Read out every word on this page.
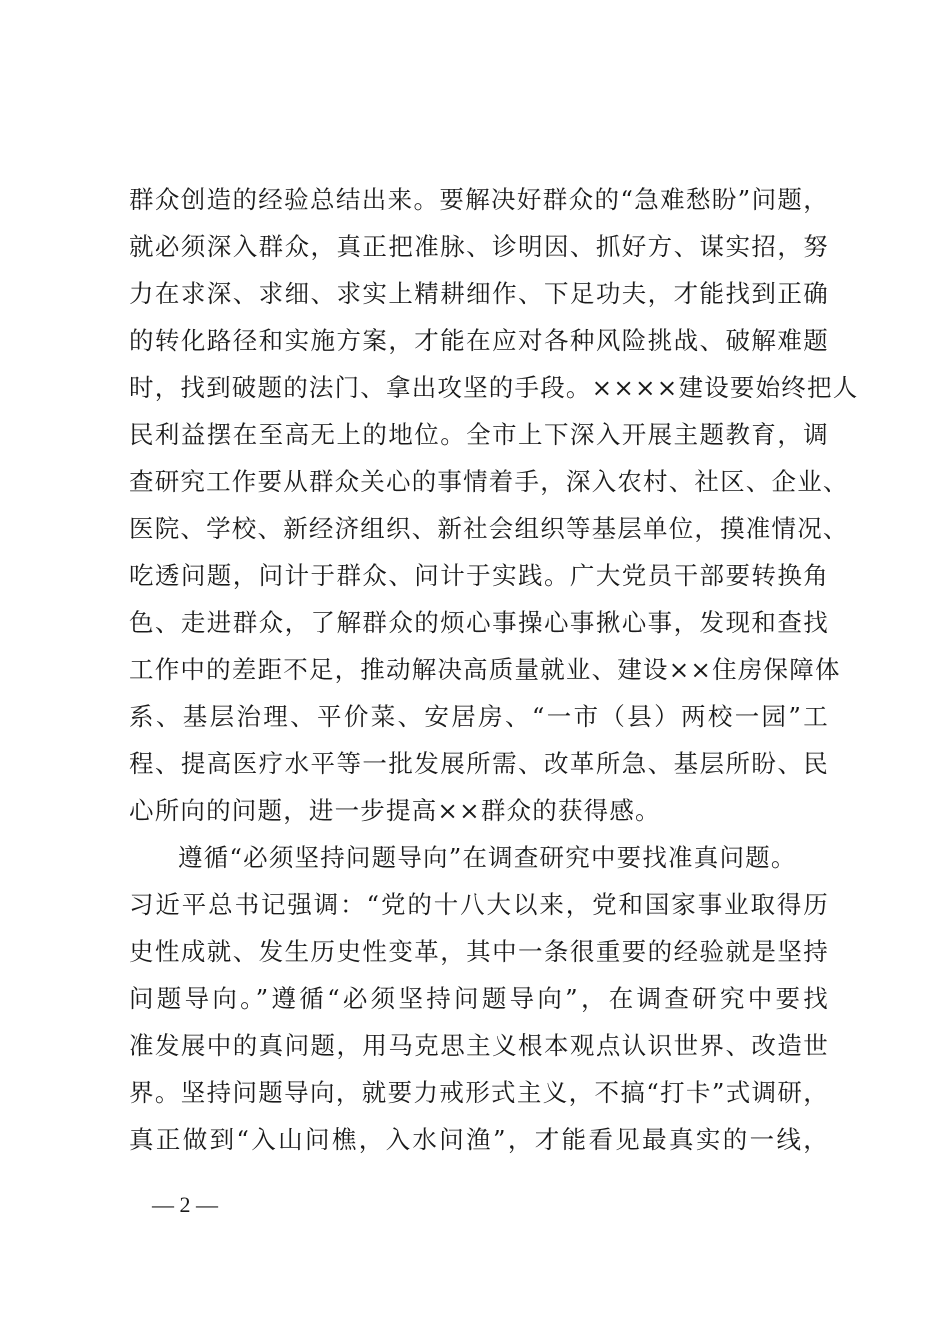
群众创造的经验总结出来。要解决好群众的“急难愁盼”问题，
就必须深入群众，真正把准脉、诊明因、抓好方、谋实招，努
力在求深、求细、求实上精耕细作、下足功夫，才能找到正确
的转化路径和实施方案，才能在应对各种风险挑战、破解难题
时，找到破题的法门、拿出攻坚的手段。××××建设要始终把人
民利益摆在至高无上的地位。全市上下深入开展主题教育，调
查研究工作要从群众关心的事情着手，深入农村、社区、企业、
医院、学校、新经济组织、新社会组织等基层单位，摸准情况、
吃透问题，问计于群众、问计于实践。广大党员干部要转换角
色、走进群众，了解群众的烦心事操心事揪心事，发现和查找
工作中的差距不足，推动解决高质量就业、建设××住房保障体
系、基层治理、平价菜、安居房、“一市（县）两校一园”工
程、提高医疗水平等一批发展所需、改革所急、基层所盼、民
心所向的问题，进一步提高××群众的获得感。
遵循“必须坚持问题导向”在调查研究中要找准真问题。
习近平总书记强调：“党的十八大以来，党和国家事业取得历
史性成就、发生历史性变革，其中一条很重要的经验就是坚持
问题导向。”遵循“必须坚持问题导向”，在调查研究中要找
准发展中的真问题，用马克思主义根本观点认识世界、改造世
界。坚持问题导向，就要力戒形式主义，不搞“打卡”式调研，
真正做到“入山问樵，入水问渔”，才能看见最真实的一线，
— 2 —
